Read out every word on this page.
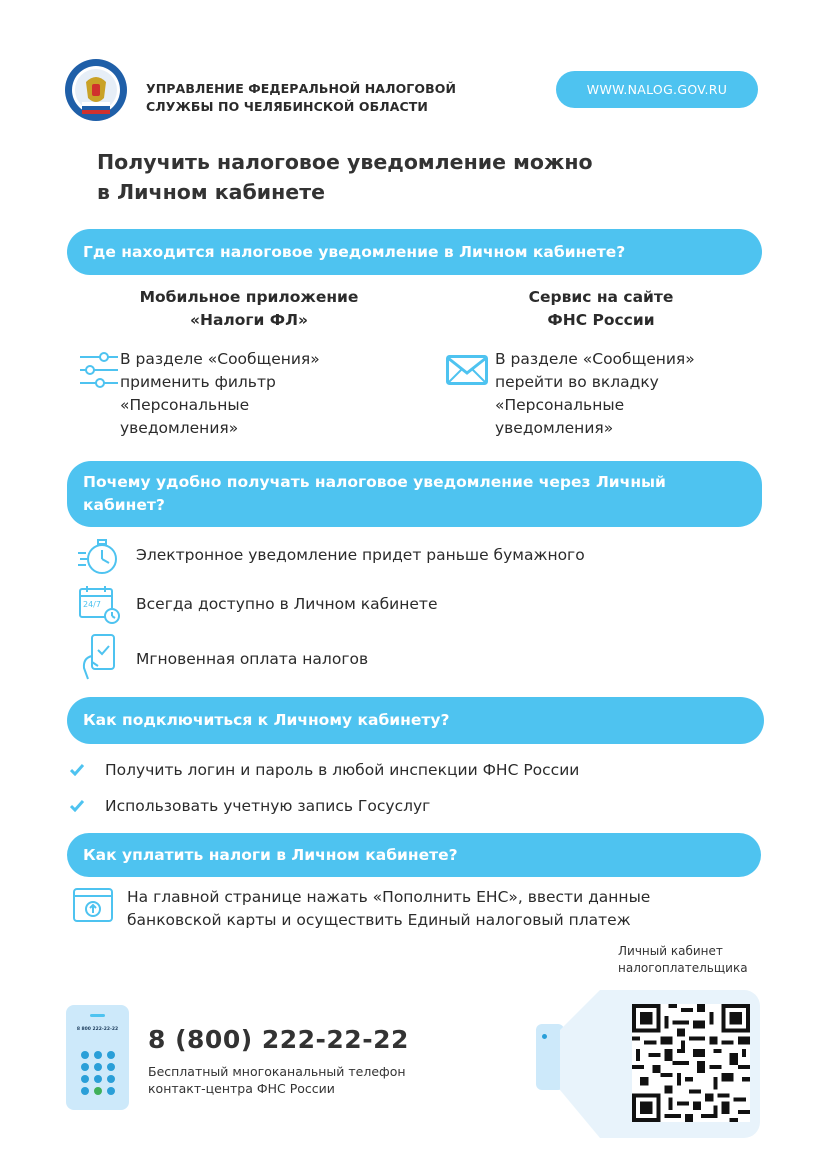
УПРАВЛЕНИЕ ФЕДЕРАЛЬНОЙ НАЛОГОВОЙ
СЛУЖБЫ ПО ЧЕЛЯБИНСКОЙ ОБЛАСТИ
WWW.NALOG.GOV.RU
Получить налоговое уведомление можно
в Личном кабинете
Где находится налоговое уведомление в Личном кабинете?
Мобильное приложение
«Налоги ФЛ»
Сервис на сайте
ФНС России
В разделе «Сообщения»
применить фильтр
«Персональные
уведомления»
В разделе «Сообщения»
перейти во вкладку
«Персональные
уведомления»
Почему удобно получать налоговое уведомление через Личный
кабинет?
Электронное уведомление придет раньше бумажного
24/7 Всегда доступно в Личном кабинете
Мгновенная оплата налогов
Как подключиться к Личному кабинету?
Получить логин и пароль в любой инспекции ФНС России
Использовать учетную запись Госуслуг
Как уплатить налоги в Личном кабинете?
На главной странице нажать «Пополнить ЕНС», ввести данные
банковской карты и осуществить Единый налоговый платеж
8 800 222-22-22 8 (800) 222-22-22
Бесплатный многоканальный телефон
контакт-центра ФНС России
Личный кабинет
налогоплательщика
